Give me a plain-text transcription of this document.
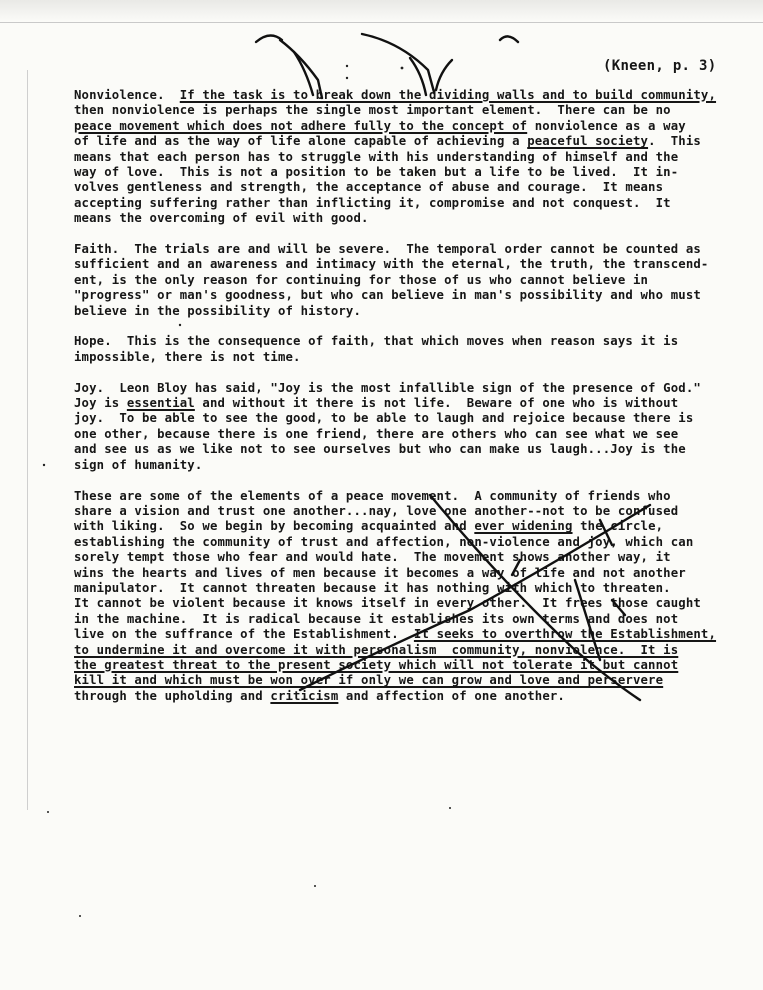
(Kneen, p. 3)
Nonviolence.  If the task is to break down the dividing walls and to build community,
then nonviolence is perhaps the single most important element.  There can be no
peace movement which does not adhere fully to the concept of nonviolence as a way
of life and as the way of life alone capable of achieving a peaceful society.  This
means that each person has to struggle with his understanding of himself and the
way of love.  This is not a position to be taken but a life to be lived.  It in-
volves gentleness and strength, the acceptance of abuse and courage.  It means
accepting suffering rather than inflicting it, compromise and not conquest.  It
means the overcoming of evil with good.
Faith.  The trials are and will be severe.  The temporal order cannot be counted as
sufficient and an awareness and intimacy with the eternal, the truth, the transcend-
ent, is the only reason for continuing for those of us who cannot believe in
"progress" or man's goodness, but who can believe in man's possibility and who must
believe in the possibility of history.
Hope.  This is the consequence of faith, that which moves when reason says it is
impossible, there is not time.
Joy.  Leon Bloy has said, "Joy is the most infallible sign of the presence of God."
Joy is essential and without it there is not life.  Beware of one who is without
joy.  To be able to see the good, to be able to laugh and rejoice because there is
one other, because there is one friend, there are others who can see what we see
and see us as we like not to see ourselves but who can make us laugh...Joy is the
sign of humanity.
These are some of the elements of a peace movement.  A community of friends who
share a vision and trust one another...nay, love one another--not to be confused
with liking.  So we begin by becoming acquainted and ever widening the circle,
establishing the community of trust and affection, non-violence and joy, which can
sorely tempt those who fear and would hate.  The movement shows another way, it
wins the hearts and lives of men because it becomes a way of life and not another
manipulator.  It cannot threaten because it has nothing with which to threaten.
It cannot be violent because it knows itself in every other.  It frees those caught
in the machine.  It is radical because it establishes its own terms and does not
live on the suffrance of the Establishment.  It seeks to overthrow the Establishment,
to undermine it and overcome it with personalism  community, nonviolence.  It is
the greatest threat to the present society which will not tolerate it but cannot
kill it and which must be won over if only we can grow and love and perservere
through the upholding and criticism and affection of one another.
